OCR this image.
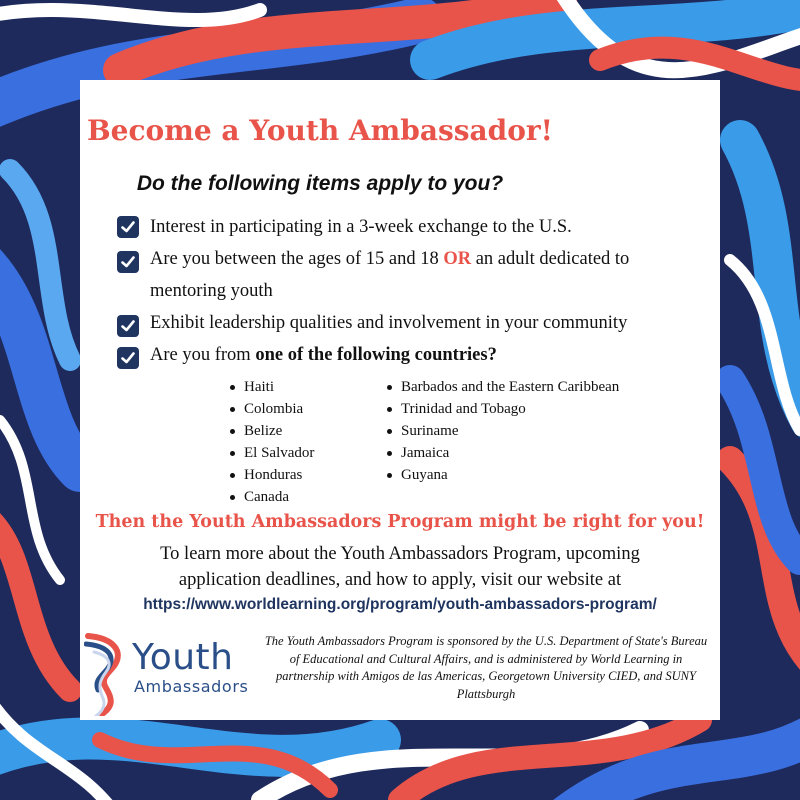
Become a Youth Ambassador!
Do the following items apply to you?
Interest in participating in a 3-week exchange to the U.S.
Are you between the ages of 15 and 18 OR an adult dedicated to
mentoring youth
Exhibit leadership qualities and involvement in your community
Are you from one of the following countries?
Haiti
Colombia
Belize
El Salvador
Honduras
Canada
Barbados and the Eastern Caribbean
Trinidad and Tobago
Suriname
Jamaica
Guyana
Then the Youth Ambassadors Program might be right for you!
To learn more about the Youth Ambassadors Program, upcoming application deadlines, and how to apply, visit our website at
https://www.worldlearning.org/program/youth-ambassadors-program/
Youth
Ambassadors
The Youth Ambassadors Program is sponsored by the U.S. Department of State's Bureau of Educational and Cultural Affairs, and is administered by World Learning in partnership with Amigos de las Americas, Georgetown University CIED, and SUNY Plattsburgh
